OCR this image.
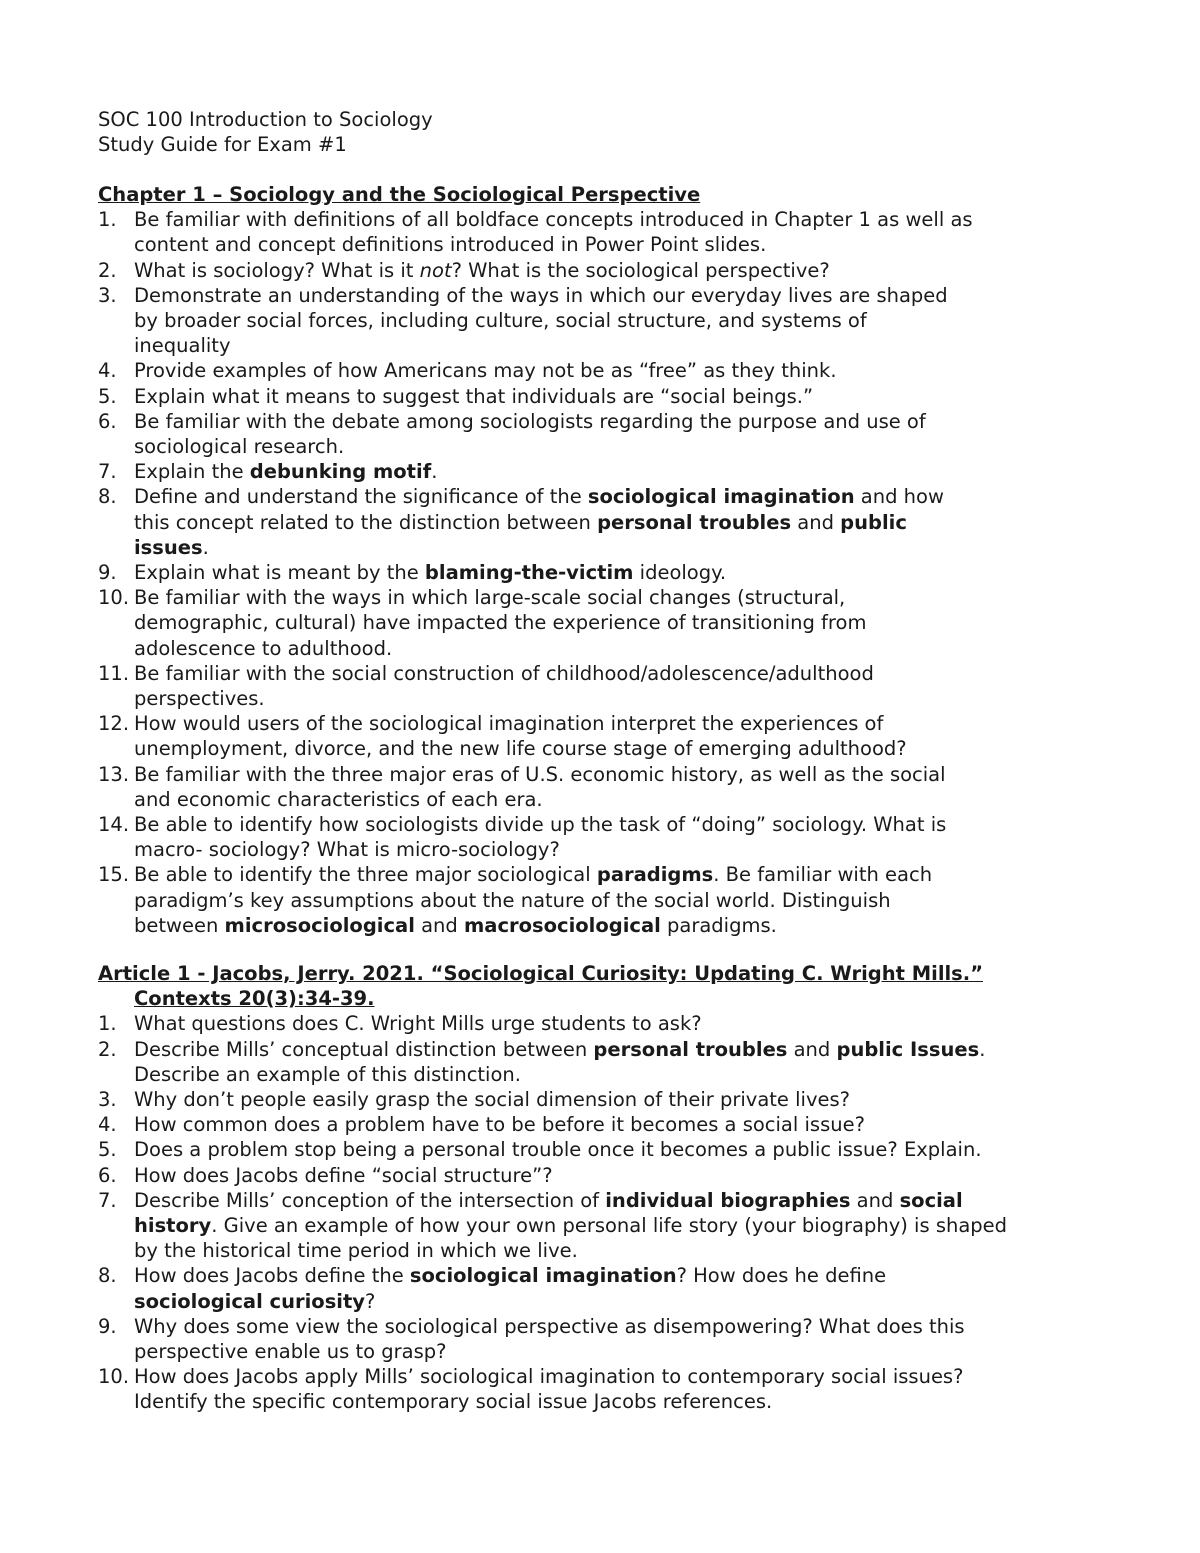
SOC 100 Introduction to Sociology
Study Guide for Exam #1
Chapter 1 – Sociology and the Sociological Perspective
1. Be familiar with definitions of all boldface concepts introduced in Chapter 1 as well as
content and concept definitions introduced in Power Point slides.
2. What is sociology? What is it not? What is the sociological perspective?
3. Demonstrate an understanding of the ways in which our everyday lives are shaped
by broader social forces, including culture, social structure, and systems of
inequality
4. Provide examples of how Americans may not be as “free” as they think.
5. Explain what it means to suggest that individuals are “social beings.”
6. Be familiar with the debate among sociologists regarding the purpose and use of
sociological research.
7. Explain the debunking motif.
8. Define and understand the significance of the sociological imagination and how
this concept related to the distinction between personal troubles and public
issues.
9. Explain what is meant by the blaming-the-victim ideology.
10. Be familiar with the ways in which large-scale social changes (structural,
demographic, cultural) have impacted the experience of transitioning from
adolescence to adulthood.
11. Be familiar with the social construction of childhood/adolescence/adulthood
perspectives.
12. How would users of the sociological imagination interpret the experiences of
unemployment, divorce, and the new life course stage of emerging adulthood?
13. Be familiar with the three major eras of U.S. economic history, as well as the social
and economic characteristics of each era.
14. Be able to identify how sociologists divide up the task of “doing” sociology. What is
macro- sociology? What is micro-sociology?
15. Be able to identify the three major sociological paradigms. Be familiar with each
paradigm’s key assumptions about the nature of the social world. Distinguish
between microsociological and macrosociological paradigms.
Article 1 - Jacobs, Jerry. 2021. “Sociological Curiosity: Updating C. Wright Mills.”
Contexts 20(3):34-39.
1. What questions does C. Wright Mills urge students to ask?
2. Describe Mills’ conceptual distinction between personal troubles and public Issues.
Describe an example of this distinction.
3. Why don’t people easily grasp the social dimension of their private lives?
4. How common does a problem have to be before it becomes a social issue?
5. Does a problem stop being a personal trouble once it becomes a public issue? Explain.
6. How does Jacobs define “social structure”?
7. Describe Mills’ conception of the intersection of individual biographies and social
history. Give an example of how your own personal life story (your biography) is shaped
by the historical time period in which we live.
8. How does Jacobs define the sociological imagination? How does he define
sociological curiosity?
9. Why does some view the sociological perspective as disempowering? What does this
perspective enable us to grasp?
10. How does Jacobs apply Mills’ sociological imagination to contemporary social issues?
Identify the specific contemporary social issue Jacobs references.
